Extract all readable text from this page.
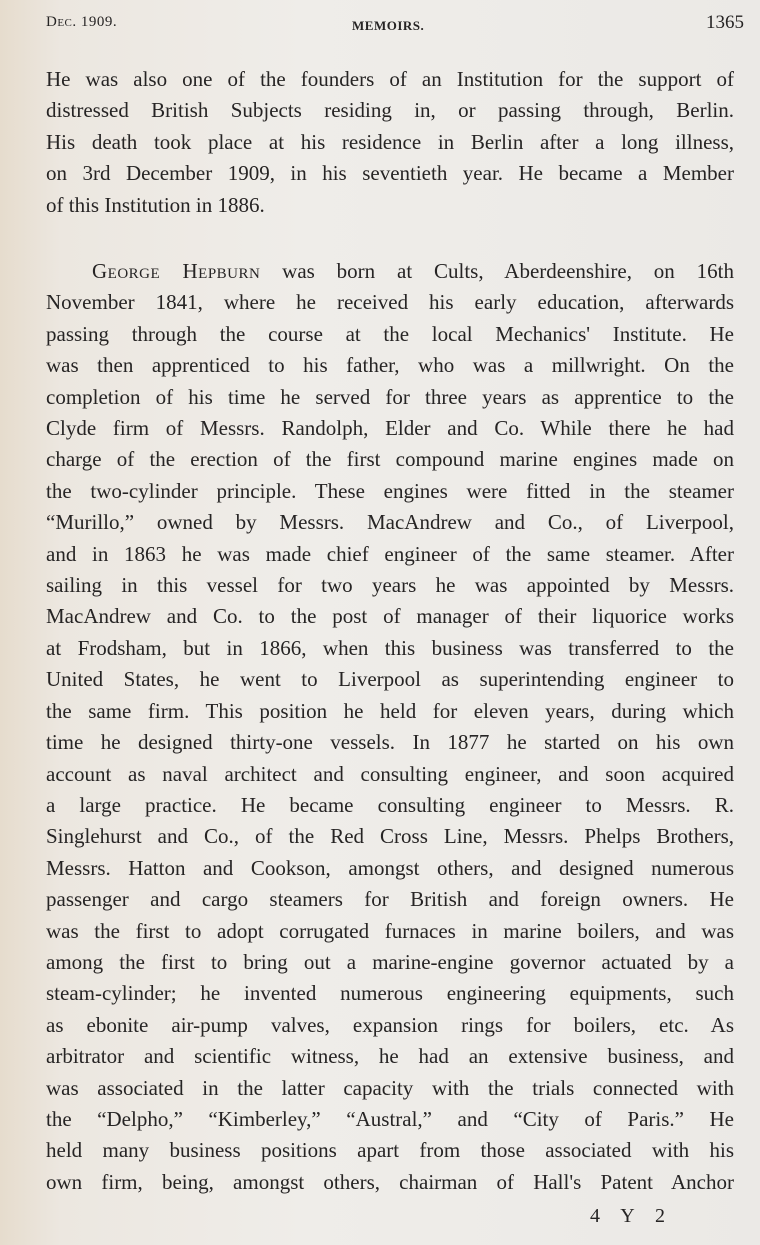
Dec. 1909.	MEMOIRS.	1365
He was also one of the founders of an Institution for the support of
distressed British Subjects residing in, or passing through, Berlin.
His death took place at his residence in Berlin after a long illness,
on 3rd December 1909, in his seventieth year. He became a Member
of this Institution in 1886.
George Hepburn was born at Cults, Aberdeenshire, on 16th
November 1841, where he received his early education, afterwards
passing through the course at the local Mechanics' Institute. He
was then apprenticed to his father, who was a millwright. On the
completion of his time he served for three years as apprentice to the
Clyde firm of Messrs. Randolph, Elder and Co. While there he had
charge of the erection of the first compound marine engines made on
the two-cylinder principle. These engines were fitted in the steamer
“Murillo,” owned by Messrs. MacAndrew and Co., of Liverpool,
and in 1863 he was made chief engineer of the same steamer. After
sailing in this vessel for two years he was appointed by Messrs.
MacAndrew and Co. to the post of manager of their liquorice works
at Frodsham, but in 1866, when this business was transferred to the
United States, he went to Liverpool as superintending engineer to
the same firm. This position he held for eleven years, during which
time he designed thirty-one vessels. In 1877 he started on his own
account as naval architect and consulting engineer, and soon acquired
a large practice. He became consulting engineer to Messrs. R.
Singlehurst and Co., of the Red Cross Line, Messrs. Phelps Brothers,
Messrs. Hatton and Cookson, amongst others, and designed numerous
passenger and cargo steamers for British and foreign owners. He
was the first to adopt corrugated furnaces in marine boilers, and was
among the first to bring out a marine-engine governor actuated by a
steam-cylinder; he invented numerous engineering equipments, such
as ebonite air-pump valves, expansion rings for boilers, etc. As
arbitrator and scientific witness, he had an extensive business, and
was associated in the latter capacity with the trials connected with
the “Delpho,” “Kimberley,” “Austral,” and “City of Paris.” He
held many business positions apart from those associated with his
own firm, being, amongst others, chairman of Hall's Patent Anchor
4 Y 2
